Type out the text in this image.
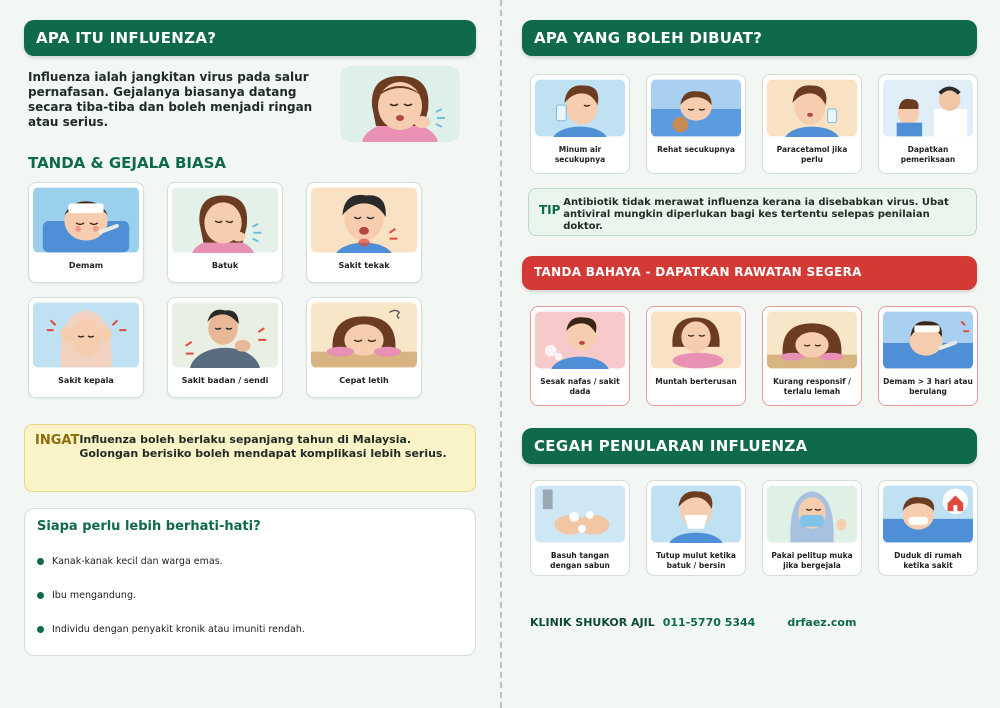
APA ITU INFLUENZA?

Influenza ialah jangkitan virus pada salur pernafasan. Gejalanya biasanya datang secara tiba-tiba dan boleh menjadi ringan atau serius.

TANDA & GEJALA BIASA
Demam	Batuk	Sakit tekak
Sakit kepala	Sakit badan / sendi	Cepat letih
INGAT Influenza boleh berlaku sepanjang tahun di Malaysia. Golongan berisiko boleh mendapat komplikasi lebih serius.
Siapa perlu lebih berhati-hati?
Kanak-kanak kecil dan warga emas.
Ibu mengandung.
Individu dengan penyakit kronik atau imuniti rendah.
APA YANG BOLEH DIBUAT?
Minum air secukupnya
Rehat secukupnya	Paracetamol jika perlu
Dapatkan pemeriksaan
TIP
Antibiotik tidak merawat influenza kerana ia disebabkan virus. Ubat antiviral mungkin diperlukan bagi kes tertentu selepas penilaian doktor.
TANDA BAHAYA - DAPATKAN RAWATAN SEGERA
Sesak nafas / sakit dada
Muntah berterusan	Kurang responsif / terlalu lemah
Demam > 3 hari atau berulang
CEGAH PENULARAN INFLUENZA
Basuh tangan dengan sabun
Tutup mulut ketika batuk / bersin
Pakai pelitup muka jika bergejala
Duduk di rumah ketika sakit
KLINIK SHUKOR AJIL 011-5770 5344	drfaez.com
